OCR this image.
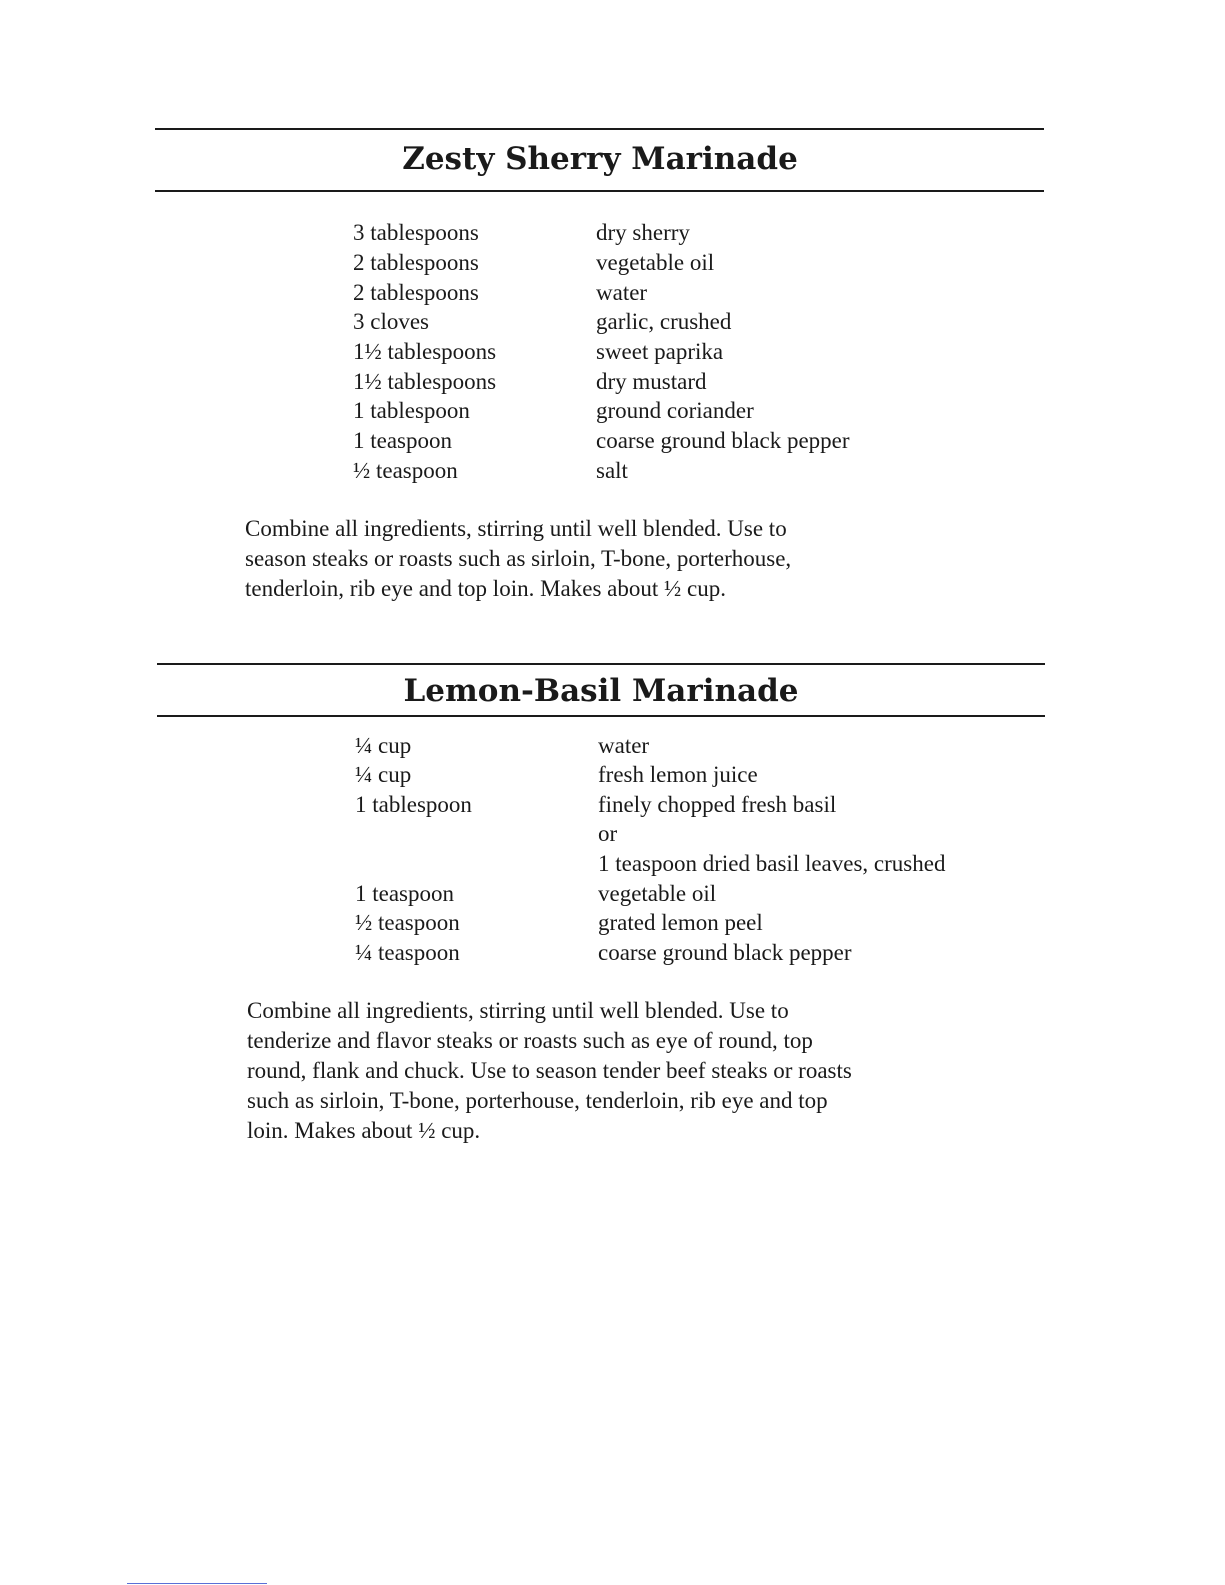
Zesty Sherry Marinade
3 tablespoons	dry sherry
2 tablespoons	vegetable oil
2 tablespoons	water
3 cloves	garlic, crushed
1½ tablespoons	sweet paprika
1½ tablespoons	dry mustard
1 tablespoon	ground coriander
1 teaspoon	coarse ground black pepper
½ teaspoon	salt
Combine all ingredients, stirring until well blended. Use to
season steaks or roasts such as sirloin, T-bone, porterhouse,
tenderloin, rib eye and top loin. Makes about ½ cup.
Lemon-Basil Marinade
¼ cup	water
¼ cup	fresh lemon juice
1 tablespoon	finely chopped fresh basil
or
1 teaspoon dried basil leaves, crushed
1 teaspoon	vegetable oil
½ teaspoon	grated lemon peel
¼ teaspoon	coarse ground black pepper
Combine all ingredients, stirring until well blended. Use to
tenderize and flavor steaks or roasts such as eye of round, top
round, flank and chuck. Use to season tender beef steaks or roasts
such as sirloin, T-bone, porterhouse, tenderloin, rib eye and top
loin. Makes about ½ cup.
